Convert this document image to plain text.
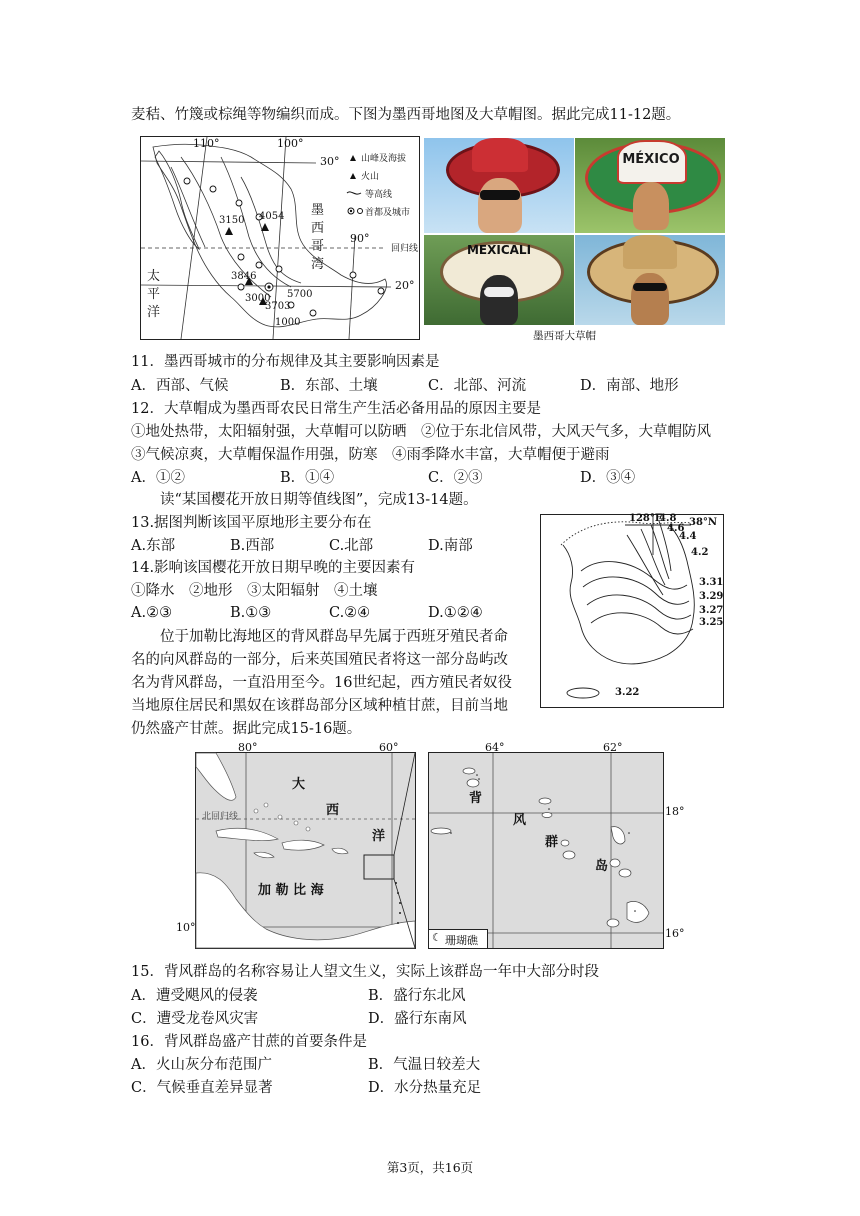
麦秸、竹篾或棕绳等物编织而成。下图为墨西哥地图及大草帽图。据此完成11-12题。
110°	100°
90°
30°
20°
山峰及海拔
火山
等高线
首都及城市
回归线
墨
西
哥
湾
太
平
洋
3150 4054
3846
5700
3000
3703
1000
MÉXICO
MEXICALI
墨西哥大草帽
11．墨西哥城市的分布规律及其主要影响因素是
A．西部、气候	B．东部、土壤	C．北部、河流	D．南部、地形
12．大草帽成为墨西哥农民日常生产生活必备用品的原因主要是
①地处热带，太阳辐射强，大草帽可以防晒　②位于东北信风带，大风天气多，大草帽防风
③气候凉爽，大草帽保温作用强，防寒　④雨季降水丰富，大草帽便于避雨
A．①②	B．①④	C．②③	D．③④
读“某国樱花开放日期等值线图”，完成13-14题。
128°E	38°N
4.8
4.6
4.4
4.2
3.31
3.29
3.27
3.25
3.22
13.据图判断该国平原地形主要分布在
A.东部	B.西部	C.北部	D.南部
14.影响该国樱花开放日期早晚的主要因素有
①降水　②地形　③太阳辐射　④土壤
A.②③	B.①③	C.②④	D.①②④
位于加勒比海地区的背风群岛早先属于西班牙殖民者命
名的向风群岛的一部分，后来英国殖民者将这一部分岛屿改
名为背风群岛，一直沿用至今。16世纪起，西方殖民者奴役
当地原住居民和黑奴在该群岛部分区域种植甘蔗，目前当地
仍然盛产甘蔗。据此完成15-16题。
80°	60°
10°
北回归线
大
西
洋
加 勒 比 海
64°	62°
18°
16°
背
风
群
岛
☾ 珊瑚礁
15．背风群岛的名称容易让人望文生义，实际上该群岛一年中大部分时段
A．遭受飓风的侵袭	B．盛行东北风
C．遭受龙卷风灾害	D．盛行东南风
16．背风群岛盛产甘蔗的首要条件是
A．火山灰分布范围广	B．气温日较差大
C．气候垂直差异显著	D．水分热量充足
第3页，共16页
